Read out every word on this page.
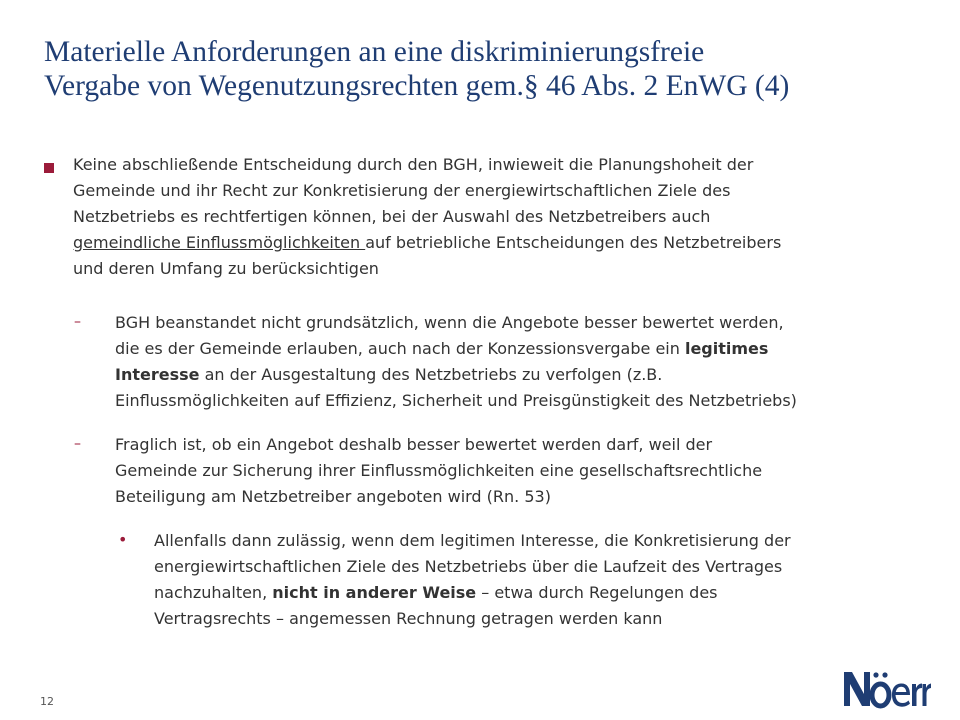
Materielle Anforderungen an eine diskriminierungsfreie
Vergabe von Wegenutzungsrechten gem.§ 46 Abs. 2 EnWG (4)
Keine abschließende Entscheidung durch den BGH, inwieweit die Planungshoheit der
Gemeinde und ihr Recht zur Konkretisierung der energiewirtschaftlichen Ziele des
Netzbetriebs es rechtfertigen können, bei der Auswahl des Netzbetreibers auch
gemeindliche Einflussmöglichkeiten auf betriebliche Entscheidungen des Netzbetreibers
und deren Umfang zu berücksichtigen
– BGH beanstandet nicht grundsätzlich, wenn die Angebote besser bewertet werden,
die es der Gemeinde erlauben, auch nach der Konzessionsvergabe ein legitimes
Interesse an der Ausgestaltung des Netzbetriebs zu verfolgen (z.B.
Einflussmöglichkeiten auf Effizienz, Sicherheit und Preisgünstigkeit des Netzbetriebs)
– Fraglich ist, ob ein Angebot deshalb besser bewertet werden darf, weil der
Gemeinde zur Sicherung ihrer Einflussmöglichkeiten eine gesellschaftsrechtliche
Beteiligung am Netzbetreiber angeboten wird (Rn. 53)
• Allenfalls dann zulässig, wenn dem legitimen Interesse, die Konkretisierung der
energiewirtschaftlichen Ziele des Netzbetriebs über die Laufzeit des Vertrages
nachzuhalten, nicht in anderer Weise – etwa durch Regelungen des
Vertragsrechts – angemessen Rechnung getragen werden kann
12
